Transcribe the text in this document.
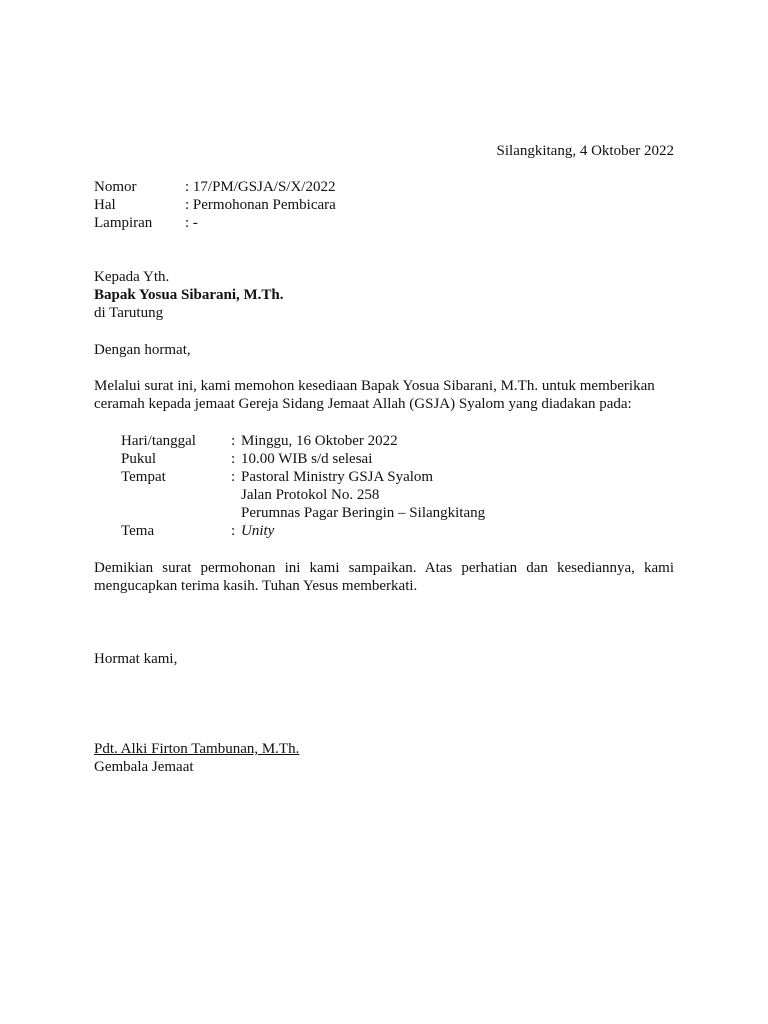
Silangkitang, 4 Oktober 2022
Nomor	: 17/PM/GSJA/S/X/2022
Hal	: Permohonan Pembicara
Lampiran : -
Kepada Yth.
Bapak Yosua Sibarani, M.Th.
di Tarutung
Dengan hormat,
Melalui surat ini, kami memohon kesediaan Bapak Yosua Sibarani, M.Th. untuk memberikan
ceramah kepada jemaat Gereja Sidang Jemaat Allah (GSJA) Syalom yang diadakan pada:
Hari/tanggal : Minggu, 16 Oktober 2022
Pukul	: 10.00 WIB s/d selesai
Tempat	: Pastoral Ministry GSJA Syalom
Jalan Protokol No. 258
Perumnas Pagar Beringin – Silangkitang
Tema	: Unity
Demikian surat permohonan ini kami sampaikan. Atas perhatian dan kesediannya, kami
mengucapkan terima kasih. Tuhan Yesus memberkati.
Hormat kami,
Pdt. Alki Firton Tambunan, M.Th.
Gembala Jemaat
